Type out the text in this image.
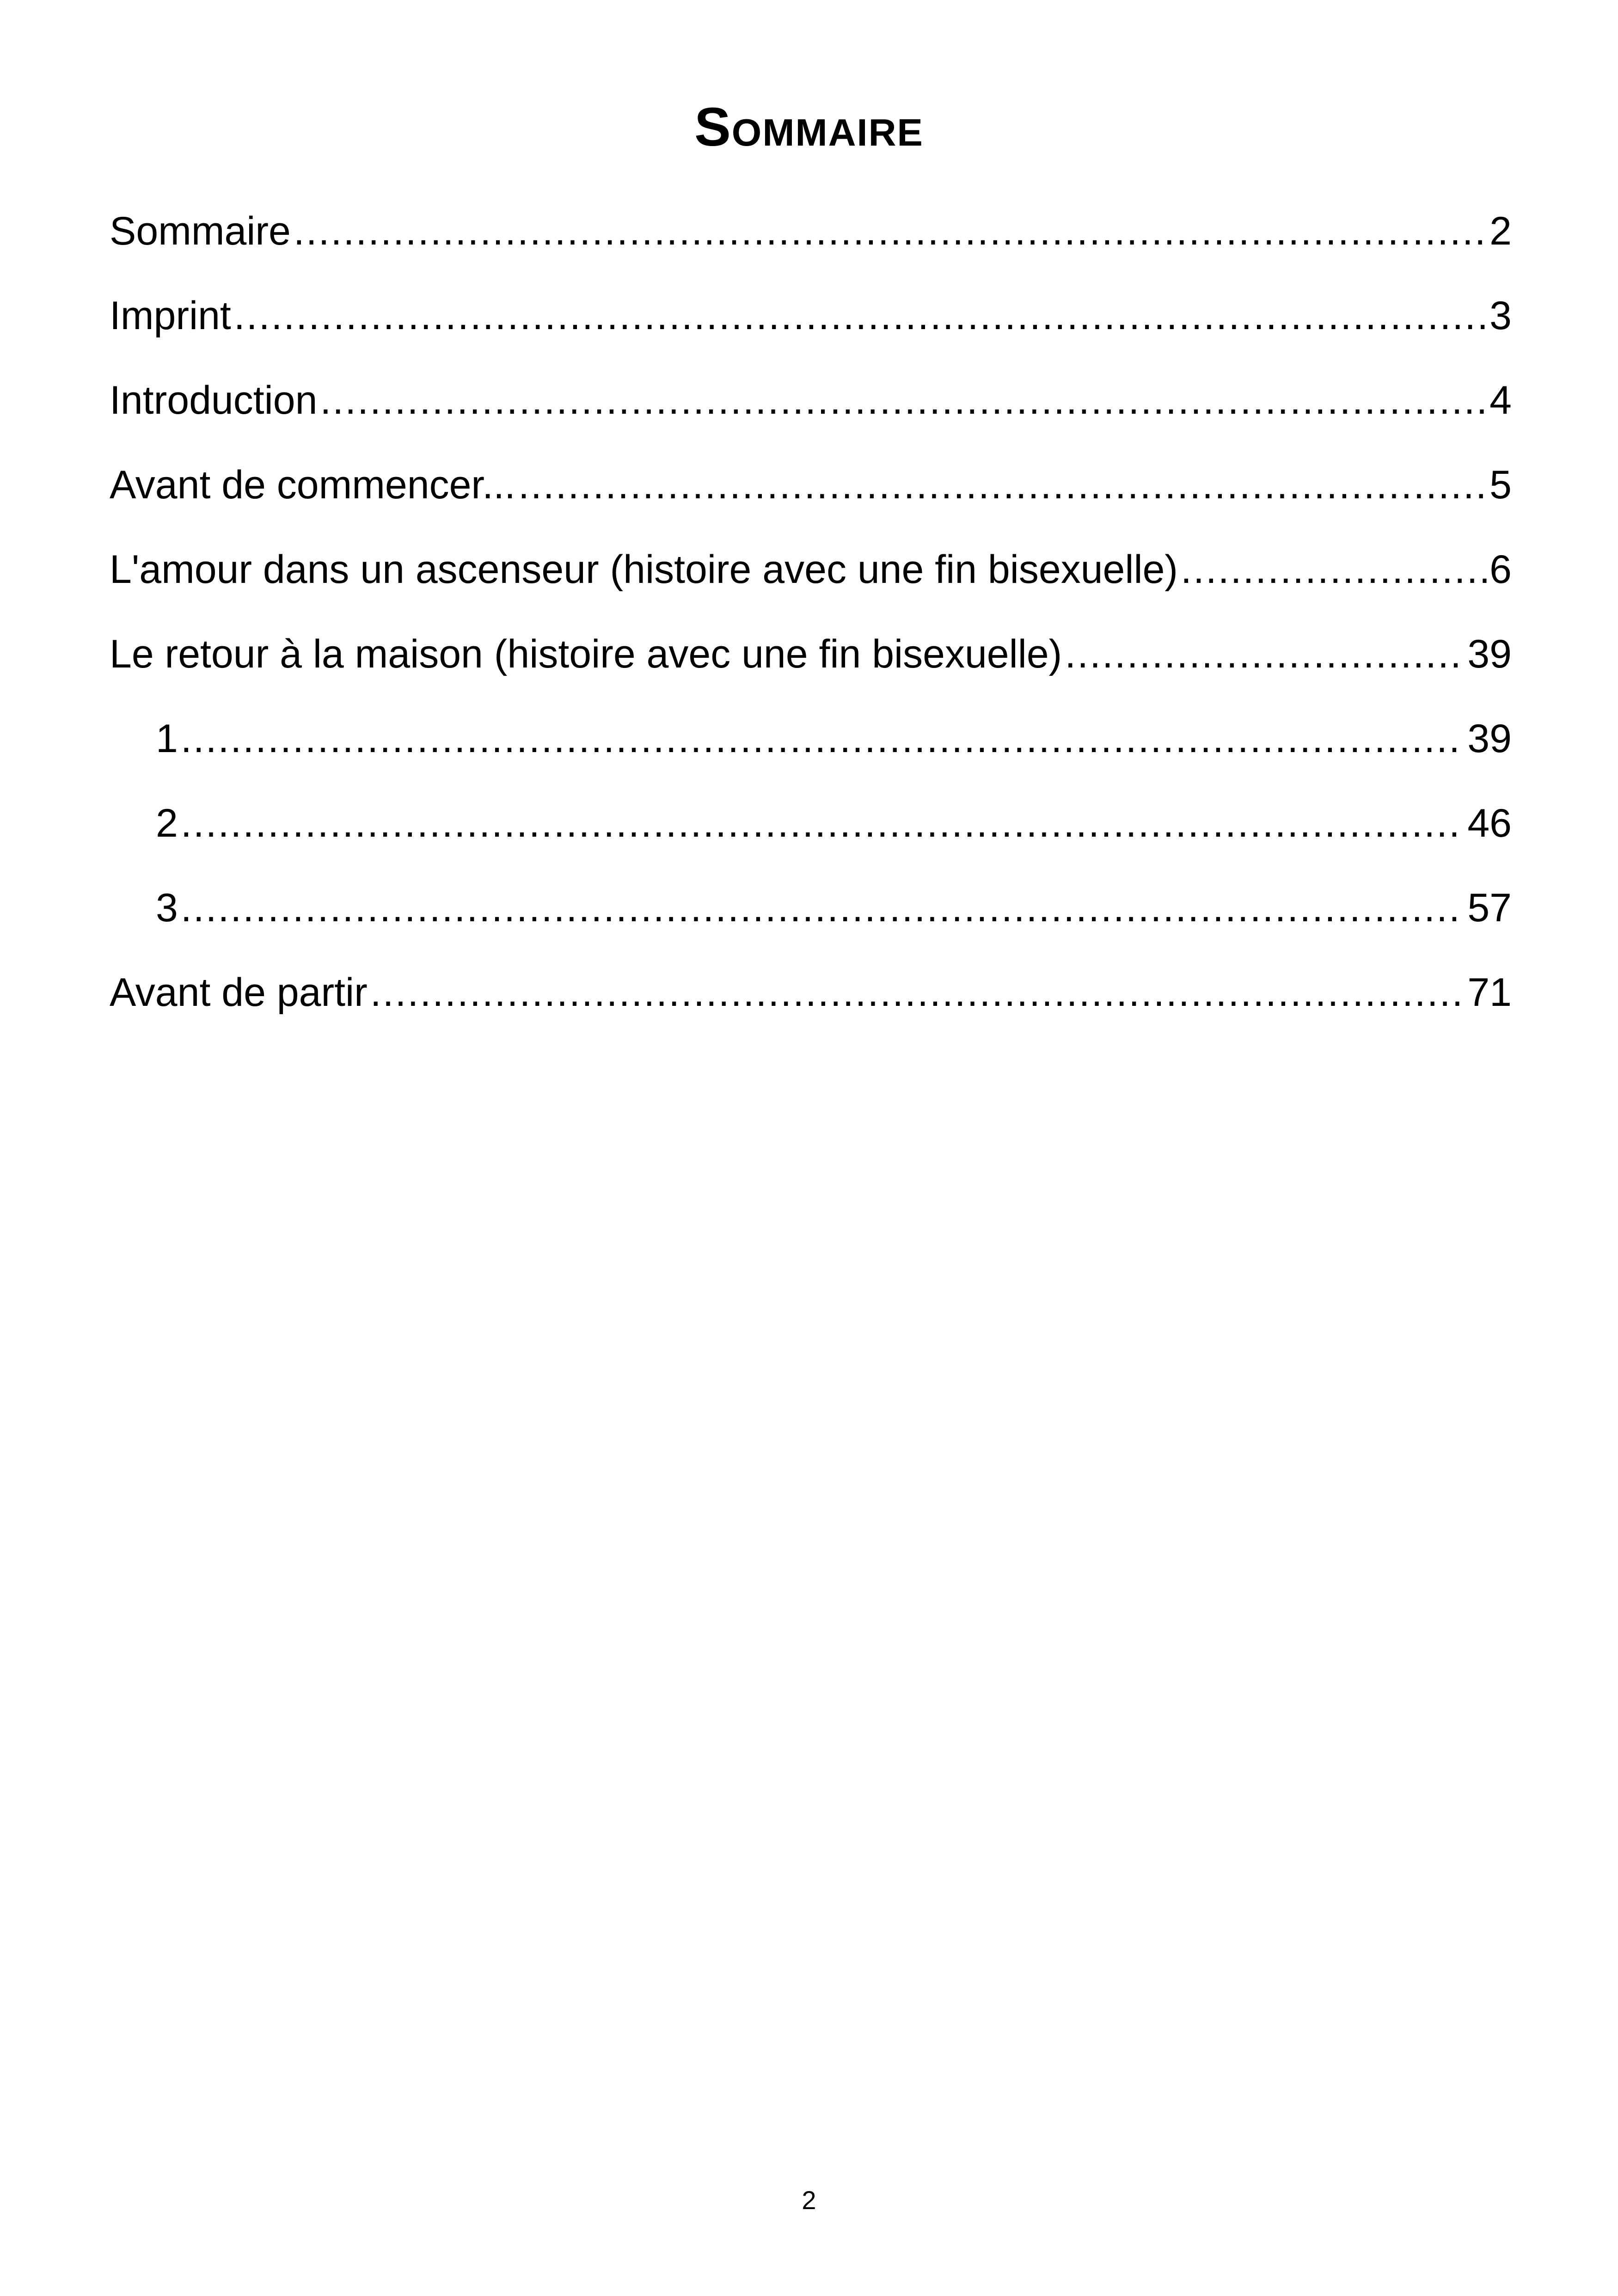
Sommaire
Sommaire .....	2
Imprint .....	3
Introduction .....	4
Avant de commencer... .....	5
L'amour dans un ascenseur (histoire avec une fin bisexuelle) .....	6
Le retour à la maison (histoire avec une fin bisexuelle) .....	39
1 .....	39
2 .....	46
3 .....	57
Avant de partir .....	71
2
